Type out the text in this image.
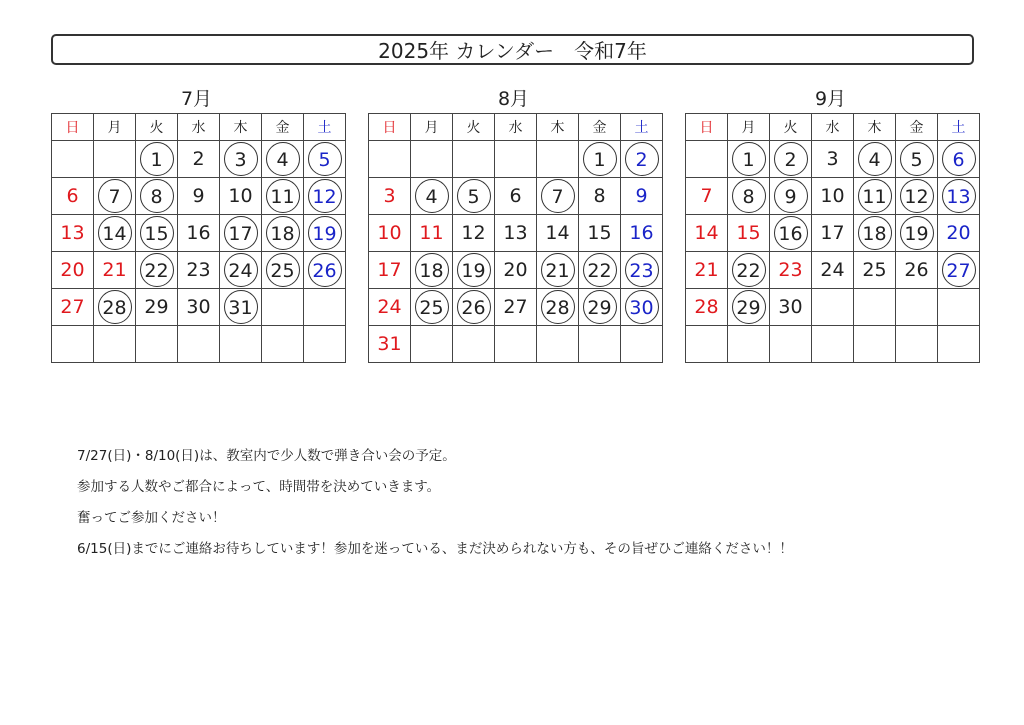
2025年 カレンダー　令和7年
7月
日	月	火	水	木	金	土
		1	2	3	4	5
6	7	8	9	10	11	12
13	14	15	16	17	18	19
20	21	22	23	24	25	26
27	28	29	30	31		

8月
日	月	火	水	木	金	土
					1	2
3	4	5	6	7	8	9
10	11	12	13	14	15	16
17	18	19	20	21	22	23
24	25	26	27	28	29	30
31						
9月
日	月	火	水	木	金	土
	1	2	3	4	5	6
7	8	9	10	11	12	13
14	15	16	17	18	19	20
21	22	23	24	25	26	27
28	29	30				

7/27(日)・8/10(日)は、教室内で少人数で弾き合い会の予定。

参加する人数やご都合によって、時間帯を決めていきます。

奮ってご参加ください！

6/15(日)までにご連絡お待ちしています！参加を迷っている、まだ決められない方も、その旨ぜひご連絡ください！！
